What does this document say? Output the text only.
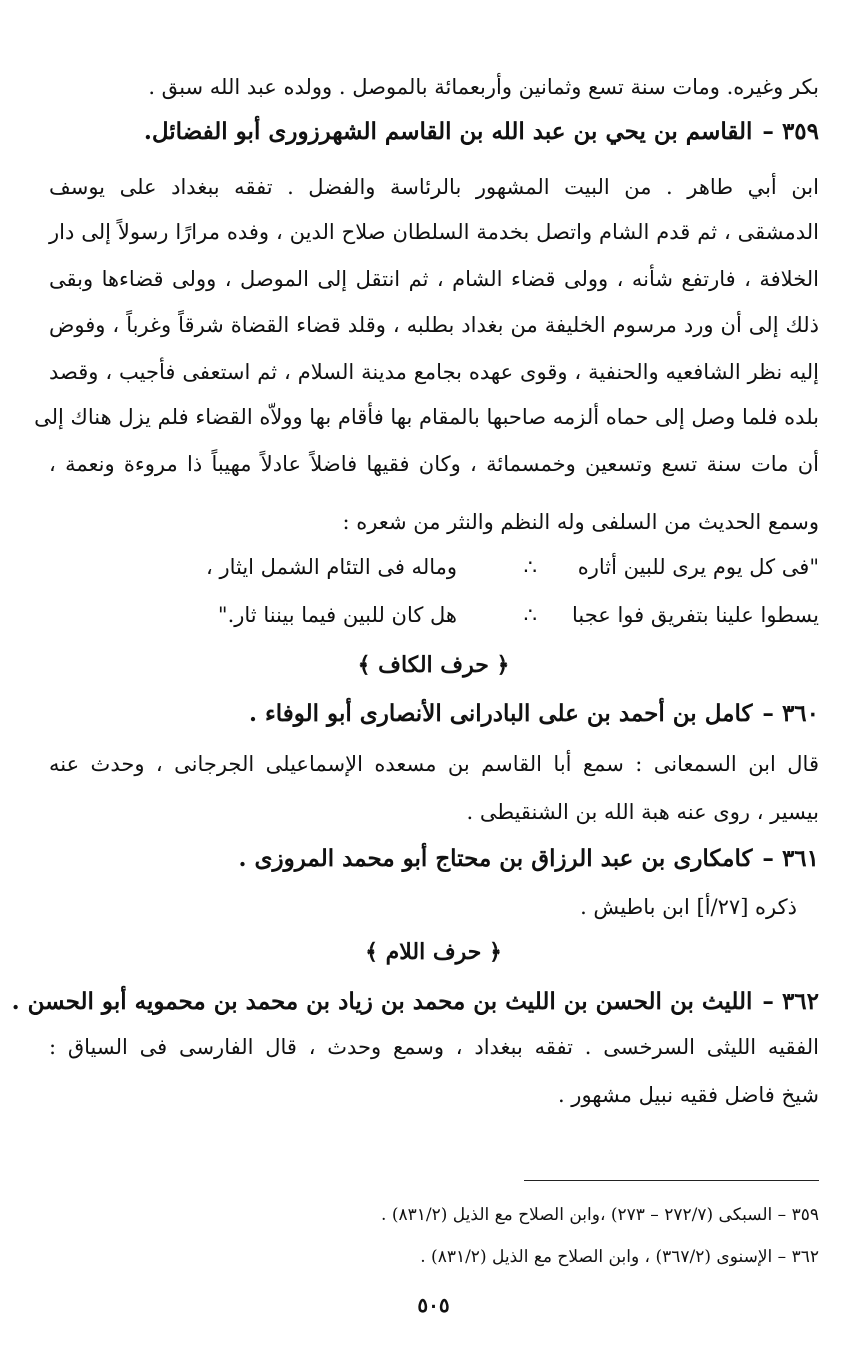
بكر وغيره. ومات سنة تسع وثمانين وأربعمائة بالموصل . وولده عبد الله سبق .
٣٥٩ –القاسم بن يحي بن عبد الله بن القاسم الشهرزورى أبو الفضائل.
ابن أبي طاهر . من البيت المشهور بالرئاسة والفضل . تفقه ببغداد على يوسف
الدمشقى ، ثم قدم الشام واتصل بخدمة السلطان صلاح الدين ، وفده مرارًا رسولاً إلى دار
الخلافة ، فارتفع شأنه ، وولى قضاء الشام ، ثم انتقل إلى الموصل ، وولى قضاءها وبقى
ذلك إلى أن ورد مرسوم الخليفة من بغداد بطلبه ، وقلد قضاء القضاة شرقاً وغرباً ، وفوض
إليه نظر الشافعيه والحنفية ، وقوى عهده بجامع مدينة السلام ، ثم استعفى فأجيب ، وقصد
بلده فلما وصل إلى حماه ألزمه صاحبها بالمقام بها فأقام بها وولاّه القضاء فلم يزل هناك إلى
أن مات سنة تسع وتسعين وخمسمائة ، وكان فقيها فاضلاً عادلاً مهيباً ذا مروءة ونعمة ،
وسمع الحديث من السلفى وله النظم والنثر من شعره :
"فى كل يوم يرى للبين أثاره
∴
وماله فى التئام الشمل ايثار ،
يسطوا علينا بتفريق فوا عجبا
∴
هل كان للبين فيما بيننا ثار."
﴿ حرف الكاف ﴾
٣٦٠ –كامل بن أحمد بن على البادرانى الأنصارى أبو الوفاء .
قال ابن السمعانى : سمع أبا القاسم بن مسعده الإسماعيلى الجرجانى ، وحدث عنه
بيسير ، روى عنه هبة الله بن الشنقيطى .
٣٦١ –كامكارى بن عبد الرزاق بن محتاج أبو محمد المروزى .
ذكره [٢٧/أ] ابن باطيش .
﴿ حرف اللام ﴾
٣٦٢ –الليث بن الحسن بن الليث بن محمد بن زياد بن محمد بن محمويه أبو الحسن .
الفقيه الليثى السرخسى . تفقه ببغداد ، وسمع وحدث ، قال الفارسى فى السياق :
شيخ فاضل فقيه نبيل مشهور .
٣٥٩ – السبكى (٢٧٢/٧ – ٢٧٣) ،وابن الصلاح مع الذيل (٨٣١/٢) .
٣٦٢ – الإسنوى (٣٦٧/٢) ، وابن الصلاح مع الذيل (٨٣١/٢) .
٥٠٥
